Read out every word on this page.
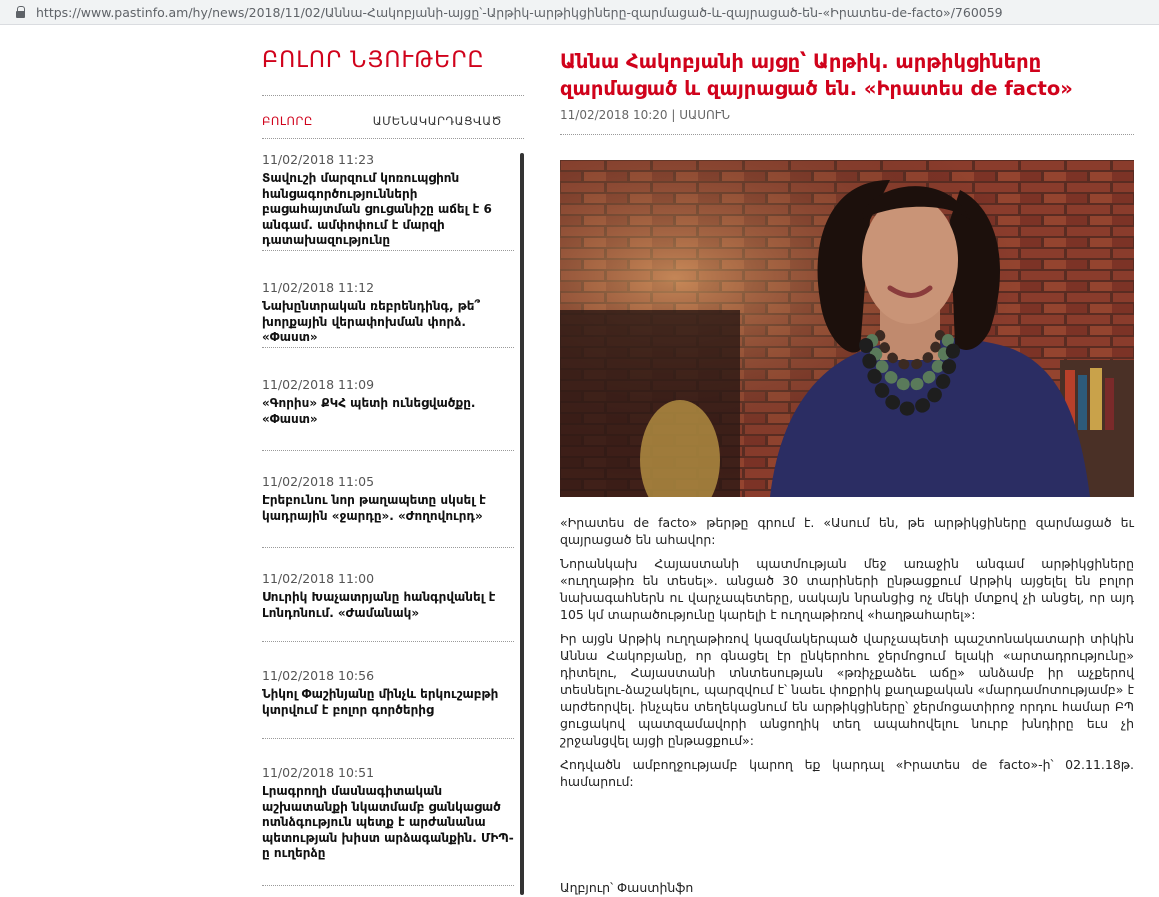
https://www.pastinfo.am/hy/news/2018/11/02/Աննա-Հակոբյանի-այցը՝-Արթիկ-արթիկցիները-զարմացած-և-զայրացած-են-«Իրատես-de-facto»/760059
ԲՈԼՈՐ ՆՅՈՒԹԵՐԸ
ԲՈԼՈՐԸ	ԱՄԵՆԱԿԱՐԴԱՑՎԱԾ
11/02/2018 11:23
Տավուշի մարզում կոռուպցիոն հանցագործությունների բացահայտման ցուցանիշը աճել է 6 անգամ. ամփոփում է մարզի դատախազությունը
11/02/2018 11:12
Նախընտրական ռեբրենդինգ, թե՞ խորքային վերափոխման փորձ. «Փաստ»
11/02/2018 11:09
«Գորիս» ՔԿՀ պետի ունեցվածքը. «Փաստ»
11/02/2018 11:05
Էրեբունու նոր թաղապետը սկսել է կադրային «ջարդը». «Ժողովուրդ»
11/02/2018 11:00
Սուրիկ Խաչատրյանը հանգրվանել է Լոնդոնում. «Ժամանակ»
11/02/2018 10:56
Նիկոլ Փաշինյանը մինչև երկուշաբթի կտրվում է բոլոր գործերից
11/02/2018 10:51
Լրագրողի մասնագիտական աշխատանքի նկատմամբ ցանկացած ոտնձգություն պետք է արժանանա պետության խիստ արձագանքին. ՄԻՊ-ը ուղերձը
Աննա Հակոբյանի այցը՝ Արթիկ. արթիկցիները զարմացած և զայրացած են. «Իրատես de facto»
11/02/2018 10:20 | ՍԱՍՈՒՆ

«Իրատես de facto» թերթը գրում է. «Ասում են, թե արթիկցիները զարմացած եւ զայրացած են ահավոր:

Նորանկախ Հայաստանի պատմության մեջ առաջին անգամ արթիկցիները «ուղղաթիռ են տեսել». անցած 30 տարիների ընթացքում Արթիկ այցելել են բոլոր նախագահներն ու վարչապետերը, սակայն նրանցից ոչ մեկի մտքով չի անցել, որ այդ 105 կմ տարածությունը կարելի է ուղղաթիռով «հաղթահարել»:

Իր այցն Արթիկ ուղղաթիռով կազմակերպած վարչապետի պաշտոնակատարի տիկին Աննա Հակոբյանը, որ գնացել էր ընկերոհու ջերմոցում ելակի «արտադրությունը» դիտելու, Հայաստանի տնտեսության «թռիչքաձեւ աճը» անձամբ իր աչքերով տեսնելու-ձաշակելու, պարզվում է՝ նաեւ փոքրիկ քաղաքական «մարդամոտությամբ» է արժեորվել. ինչպես տեղեկացնում են արթիկցիները՝ ջերմոցատիրոջ որդու համար ԲՊ ցուցակով պատզամավորի անցողիկ տեղ ապահովելու նուրբ խնդիրը եւս չի շրջանցվել այցի ընթացքում»:

Հոդվածն ամբողջությամբ կարող եք կարդալ «Իրատես de facto»-ի՝ 02.11.18թ. համարում:

Աղբյուր՝ Փաստինֆո
